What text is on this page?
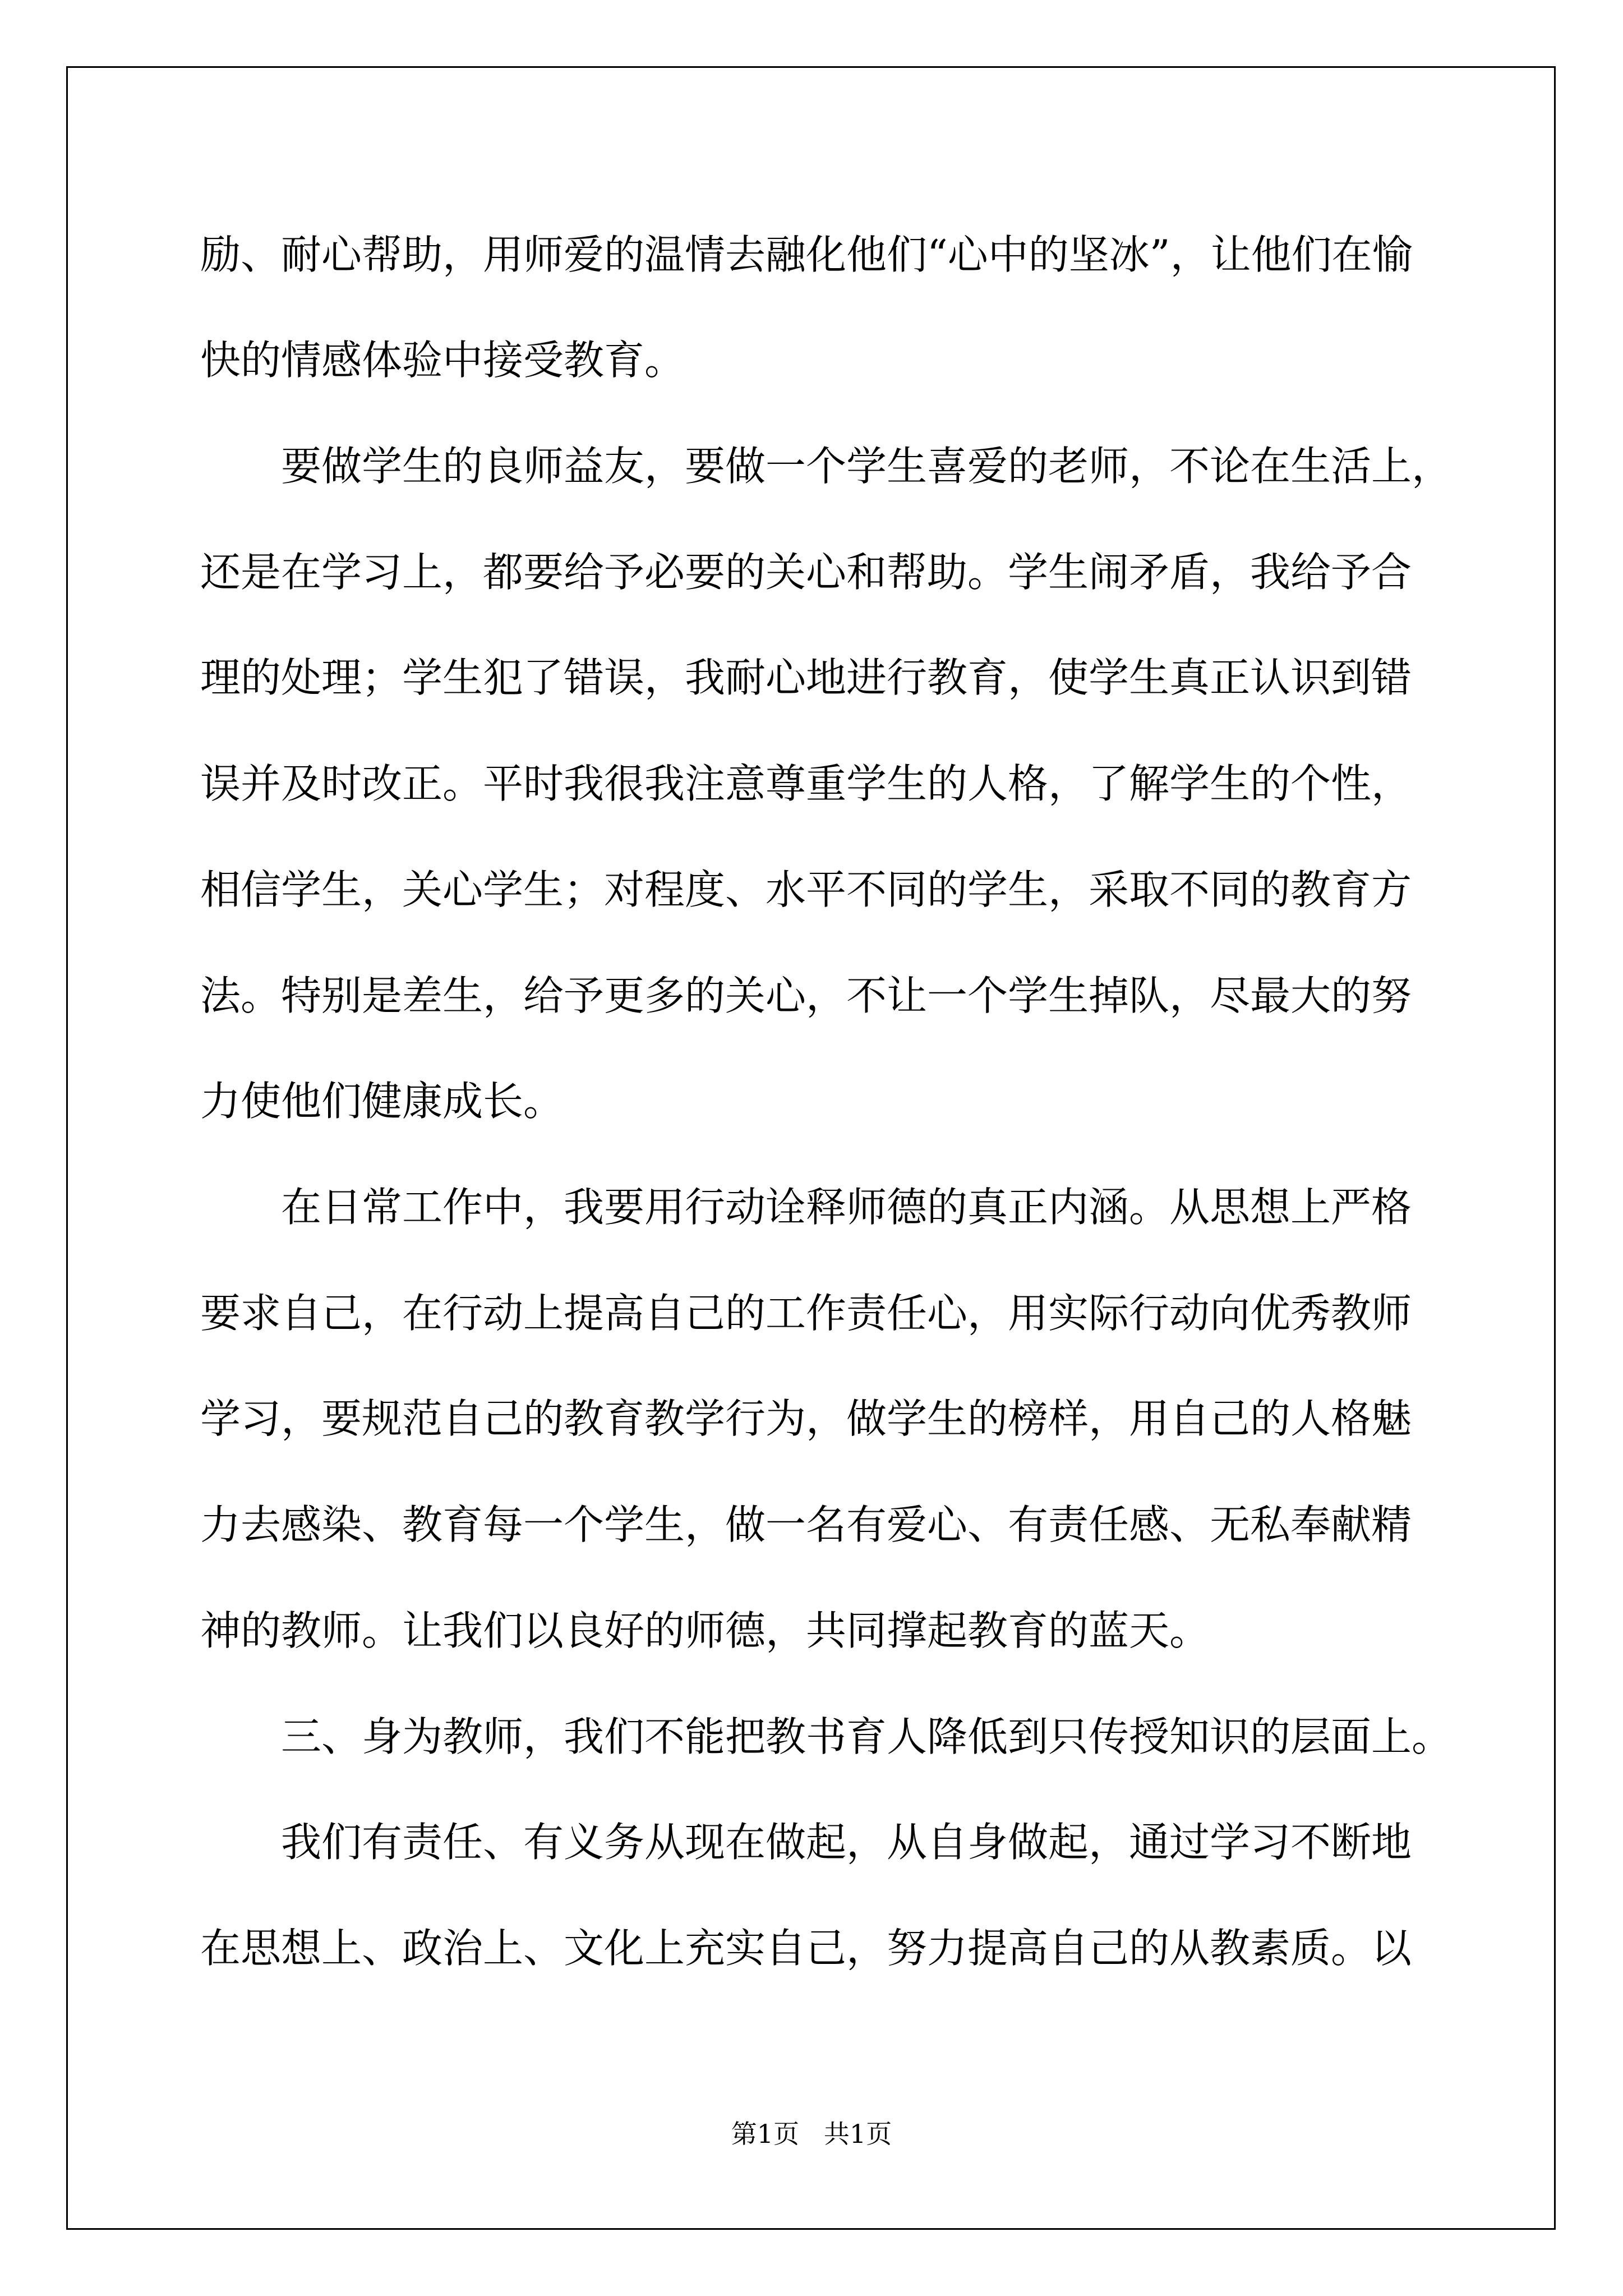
励、耐心帮助，用师爱的温情去融化他们“心中的坚冰”，让他们在愉

快的情感体验中接受教育。

要做学生的良师益友，要做一个学生喜爱的老师，不论在生活上，

还是在学习上，都要给予必要的关心和帮助。学生闹矛盾，我给予合

理的处理；学生犯了错误，我耐心地进行教育，使学生真正认识到错

误并及时改正。平时我很我注意尊重学生的人格，了解学生的个性，

相信学生，关心学生；对程度、水平不同的学生，采取不同的教育方

法。特别是差生，给予更多的关心，不让一个学生掉队，尽最大的努

力使他们健康成长。

在日常工作中，我要用行动诠释师德的真正内涵。从思想上严格

要求自己，在行动上提高自己的工作责任心，用实际行动向优秀教师

学习，要规范自己的教育教学行为，做学生的榜样，用自己的人格魅

力去感染、教育每一个学生，做一名有爱心、有责任感、无私奉献精

神的教师。让我们以良好的师德，共同撑起教育的蓝天。

三、身为教师，我们不能把教书育人降低到只传授知识的层面上。

我们有责任、有义务从现在做起，从自身做起，通过学习不断地

在思想上、政治上、文化上充实自己，努力提高自己的从教素质。以

第1页   共1页
